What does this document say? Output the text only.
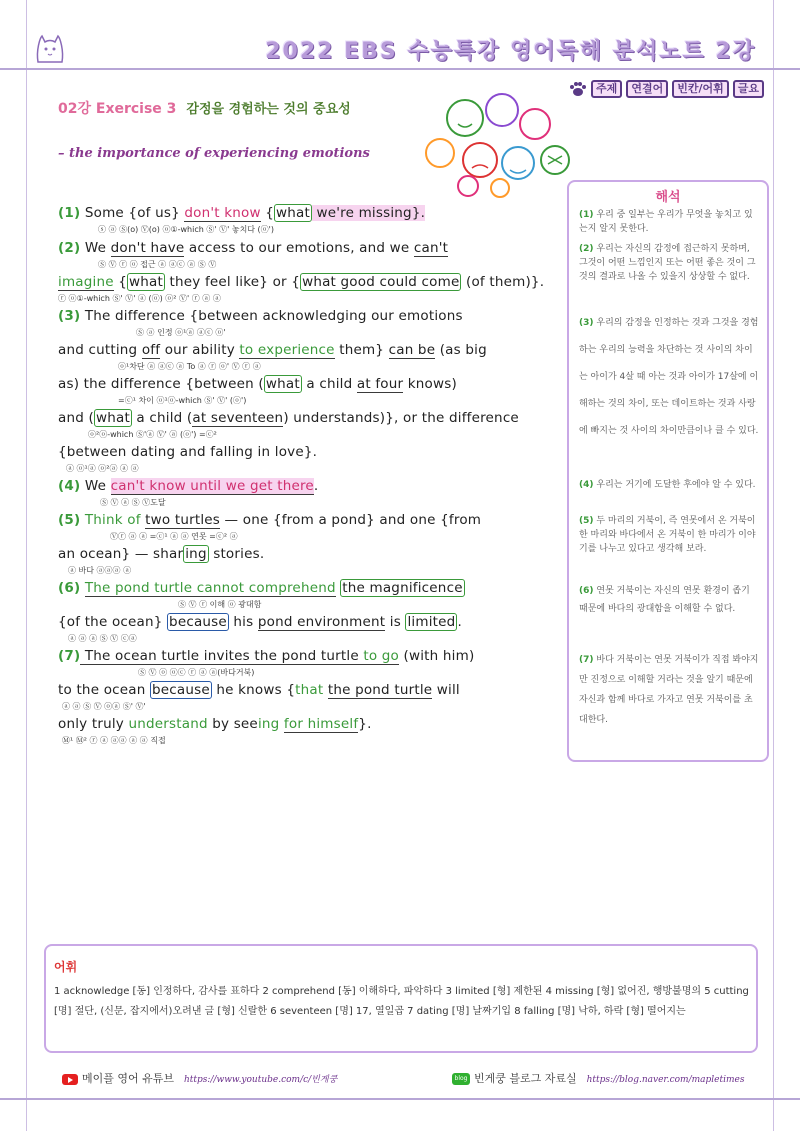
2022 EBS 수능특강 영어독해 분석노트 2강
주제	연결어	빈칸/어휘	글요
02강 Exercise 3 감정을 경험하는 것의 중요성
– the importance of experiencing emotions
(1) Some {of us} don't know { what we're missing}.
ⓢ ⓐ Ⓢ(o) Ⓥ(o) ⓞ①-which Ⓢ' Ⓥ' 놓치다 (ⓞ')
(2) We don't have access to our emotions, and we can't
Ⓢ Ⓥ ⓡ ⓞ 접근 ⓐ ⓐⓒ ⓐ Ⓢ Ⓥ
imagine { what they feel like} or { what good could come (of them)}.
ⓡ ⓞ①-which Ⓢ' Ⓥ' ⓐ (ⓞ) ⓞ² Ⓥ' ⓡ ⓐ ⓐ
(3) The difference {between acknowledging our emotions
Ⓢ ⓐ 인정 ⓞ¹ⓐ ⓐⓒ ⓞ'
and cutting off our ability to experience them} can be (as big
ⓞ¹차단 ⓐ ⓐⓒ ⓐ To ⓐ ⓡ ⓞ' Ⓥ ⓡ ⓐ
as) the difference {between ( what a child at four knows)
=ⓒ¹ 차이 ⓞ¹ⓞ-which Ⓢ' Ⓥ' (ⓞ')
and ( what a child (at seventeen) understands)}, or the difference
ⓞ²ⓞ-which Ⓢ'ⓐ Ⓥ' ⓐ (ⓞ') =ⓒ²
{between dating and falling in love}.
ⓐ ⓞ¹ⓐ ⓞ²ⓐ ⓐ ⓐ
(4) We can't know until we get there.
Ⓢ Ⓥ ⓐ Ⓢ Ⓥ도달
(5) Think of two turtles — one {from a pond} and one {from
Ⓥⓡ ⓐ ⓐ =ⓒ¹ ⓐ ⓐ 연못 =ⓒ² ⓐ
an ocean} — shar ing stories.
ⓐ 바다 ⓐⓐⓐ ⓐ
(6) The pond turtle cannot comprehend the magnificence
Ⓢ Ⓥ ⓡ 이해 ⓞ 광대함
{of the ocean} because his pond environment is limited .
ⓐ ⓐ ⓐ Ⓢ Ⓥ ⓒⓐ
(7) The ocean turtle invites the pond turtle to go (with him)
Ⓢ Ⓥ ⓞ ⓞⓒ ⓡ ⓐ ⓐ(바다거북)
to the ocean because he knows {that the pond turtle will
ⓐ ⓐ Ⓢ Ⓥ ⓞⓐ Ⓢ' Ⓥ'
only truly understand by seeing for himself}.
Ⓜ¹ Ⓜ² ⓡ ⓐ ⓐⓐ ⓐ ⓐ 직접
해석
(1) 우리 중 일부는 우리가 무엇을 놓치고 있는지 알지 못한다.
(2) 우리는 자신의 감정에 접근하지 못하며, 그것이 어떤 느낌인지 또는 어떤 좋은 것이 그것의 결과로 나올 수 있을지 상상할 수 없다.
(3) 우리의 감정을 인정하는 것과 그것을 경험하는 우리의 능력을 차단하는 것 사이의 차이는 아이가 4살 때 아는 것과 아이가 17살에 이해하는 것의 차이, 또는 데이트하는 것과 사랑에 빠지는 것 사이의 차이만큼이나 클 수 있다.
(4) 우리는 거기에 도달한 후에야 알 수 있다.
(5) 두 마리의 거북이, 즉 연못에서 온 거북이 한 마리와 바다에서 온 거북이 한 마리가 이야기를 나누고 있다고 생각해 보라.
(6) 연못 거북이는 자신의 연못 환경이 좁기 때문에 바다의 광대함을 이해할 수 없다.
(7) 바다 거북이는 연못 거북이가 직접 봐야지만 진정으로 이해할 거라는 것을 알기 때문에 자신과 함께 바다로 가자고 연못 거북이를 초대한다.
어휘
1 acknowledge [동] 인정하다, 감사를 표하다 2 comprehend [동] 이해하다, 파악하다 3 limited [형] 제한된 4 missing [형] 없어진, 행방불명의 5 cutting [명] 절단, (신문, 잡지에서)오려낸 글 [형] 신랄한 6 seventeen [명] 17, 열일곱 7 dating [명] 날짜기입 8 falling [명] 낙하, 하락 [형] 떨어지는
메이플 영어 유튜브 https://www.youtube.com/c/빈게쿵	blog 빈게쿵 블로그 자료실 https://blog.naver.com/mapletimes
